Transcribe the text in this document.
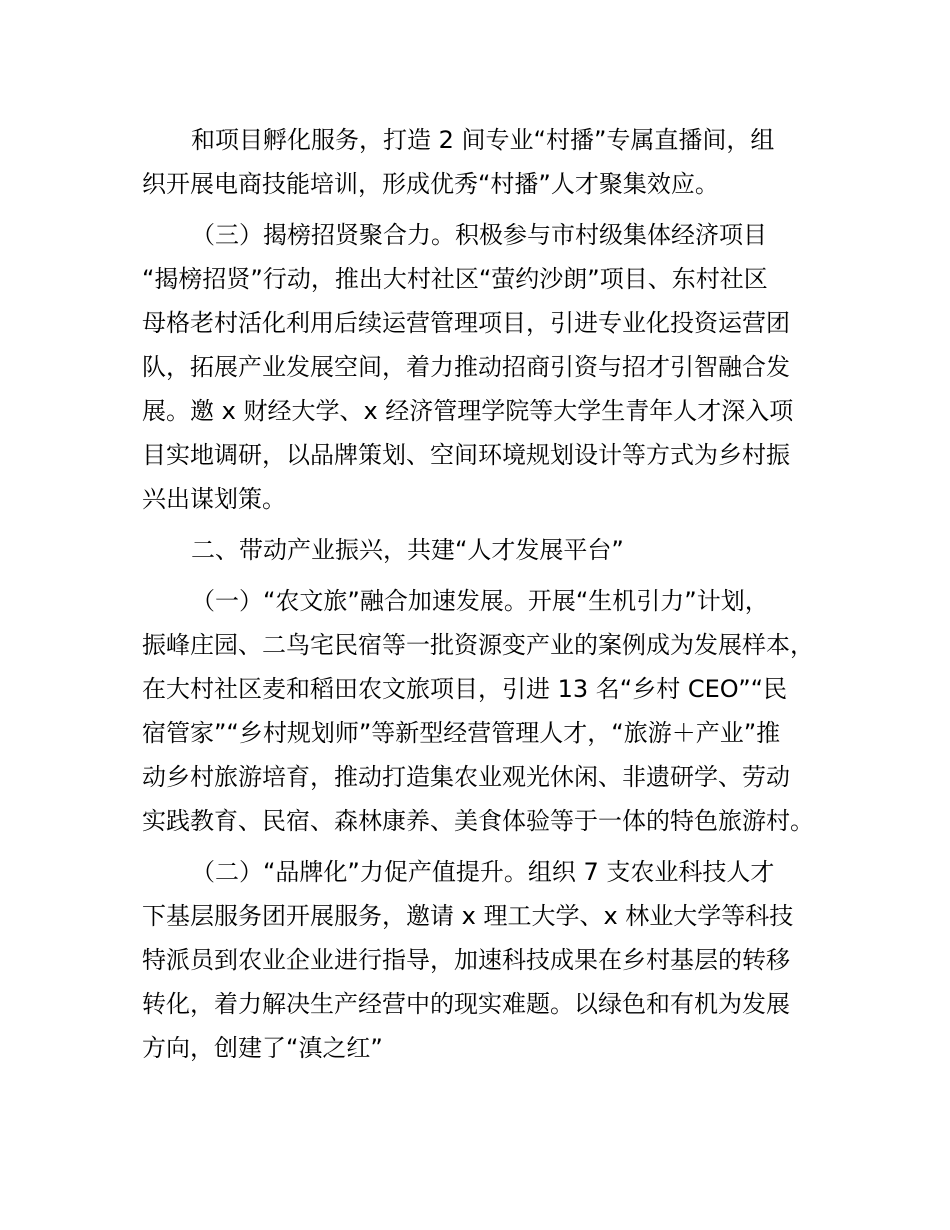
和项目孵化服务，打造 2 间专业“村播”专属直播间，组
织开展电商技能培训，形成优秀“村播”人才聚集效应。
（三）揭榜招贤聚合力。积极参与市村级集体经济项目
“揭榜招贤”行动，推出大村社区“萤约沙朗”项目、东村社区
母格老村活化利用后续运营管理项目，引进专业化投资运营团
队，拓展产业发展空间，着力推动招商引资与招才引智融合发
展。邀 x 财经大学、x 经济管理学院等大学生青年人才深入项
目实地调研，以品牌策划、空间环境规划设计等方式为乡村振
兴出谋划策。
二、带动产业振兴，共建“人才发展平台”
（一）“农文旅”融合加速发展。开展“生机引力”计划，
振峰庄园、二鸟宅民宿等一批资源变产业的案例成为发展样本，
在大村社区麦和稻田农文旅项目，引进 13 名“乡村 CEO”“民
宿管家”“乡村规划师”等新型经营管理人才，“旅游＋产业”推
动乡村旅游培育，推动打造集农业观光休闲、非遗研学、劳动
实践教育、民宿、森林康养、美食体验等于一体的特色旅游村。
（二）“品牌化”力促产值提升。组织 7 支农业科技人才
下基层服务团开展服务，邀请 x 理工大学、x 林业大学等科技
特派员到农业企业进行指导，加速科技成果在乡村基层的转移
转化，着力解决生产经营中的现实难题。以绿色和有机为发展
方向，创建了“滇之红”
